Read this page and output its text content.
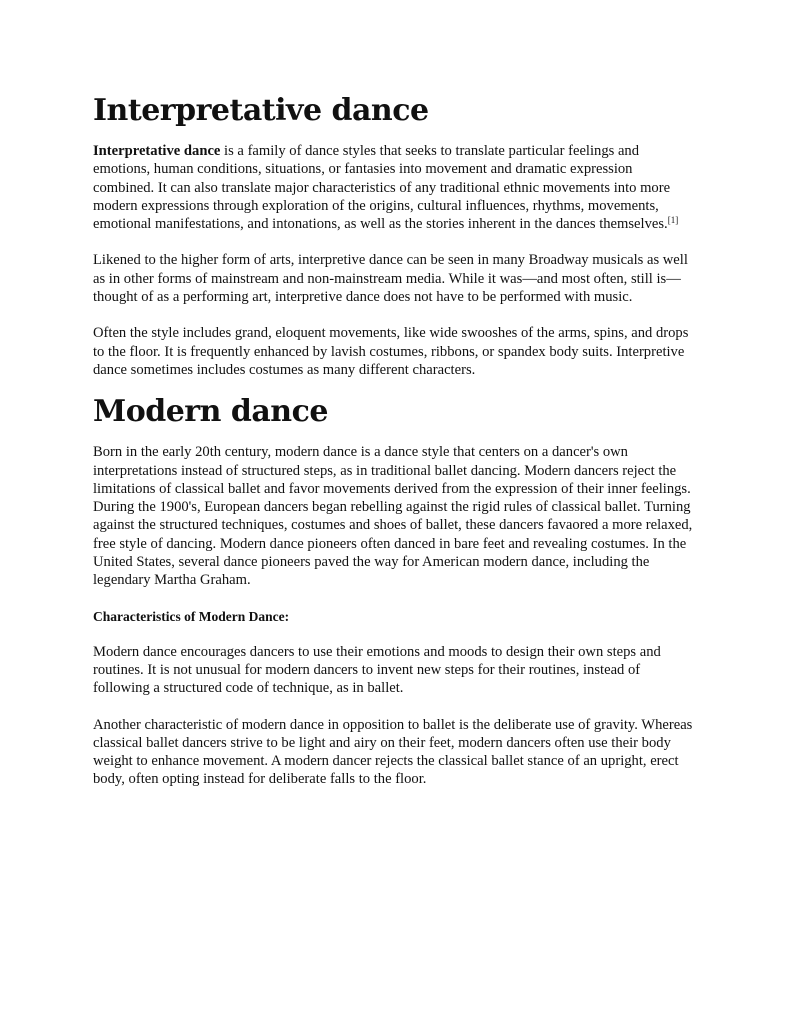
Interpretative dance

Interpretative dance is a family of dance styles that seeks to translate particular feelings and emotions, human conditions, situations, or fantasies into movement and dramatic expression combined. It can also translate major characteristics of any traditional ethnic movements into more modern expressions through exploration of the origins, cultural influences, rhythms, movements, emotional manifestations, and intonations, as well as the stories inherent in the dances themselves.[1]

Likened to the higher form of arts, interpretive dance can be seen in many Broadway musicals as well as in other forms of mainstream and non-mainstream media. While it was—and most often, still is—thought of as a performing art, interpretive dance does not have to be performed with music.

Often the style includes grand, eloquent movements, like wide swooshes of the arms, spins, and drops to the floor. It is frequently enhanced by lavish costumes, ribbons, or spandex body suits. Interpretive dance sometimes includes costumes as many different characters.

Modern dance

Born in the early 20th century, modern dance is a dance style that centers on a dancer's own interpretations instead of structured steps, as in traditional ballet dancing. Modern dancers reject the limitations of classical ballet and favor movements derived from the expression of their inner feelings. During the 1900's, European dancers began rebelling against the rigid rules of classical ballet. Turning against the structured techniques, costumes and shoes of ballet, these dancers favaored a more relaxed, free style of dancing. Modern dance pioneers often danced in bare feet and revealing costumes. In the United States, several dance pioneers paved the way for American modern dance, including the legendary Martha Graham.

Characteristics of Modern Dance:

Modern dance encourages dancers to use their emotions and moods to design their own steps and routines. It is not unusual for modern dancers to invent new steps for their routines, instead of following a structured code of technique, as in ballet.

Another characteristic of modern dance in opposition to ballet is the deliberate use of gravity. Whereas classical ballet dancers strive to be light and airy on their feet, modern dancers often use their body weight to enhance movement. A modern dancer rejects the classical ballet stance of an upright, erect body, often opting instead for deliberate falls to the floor.
